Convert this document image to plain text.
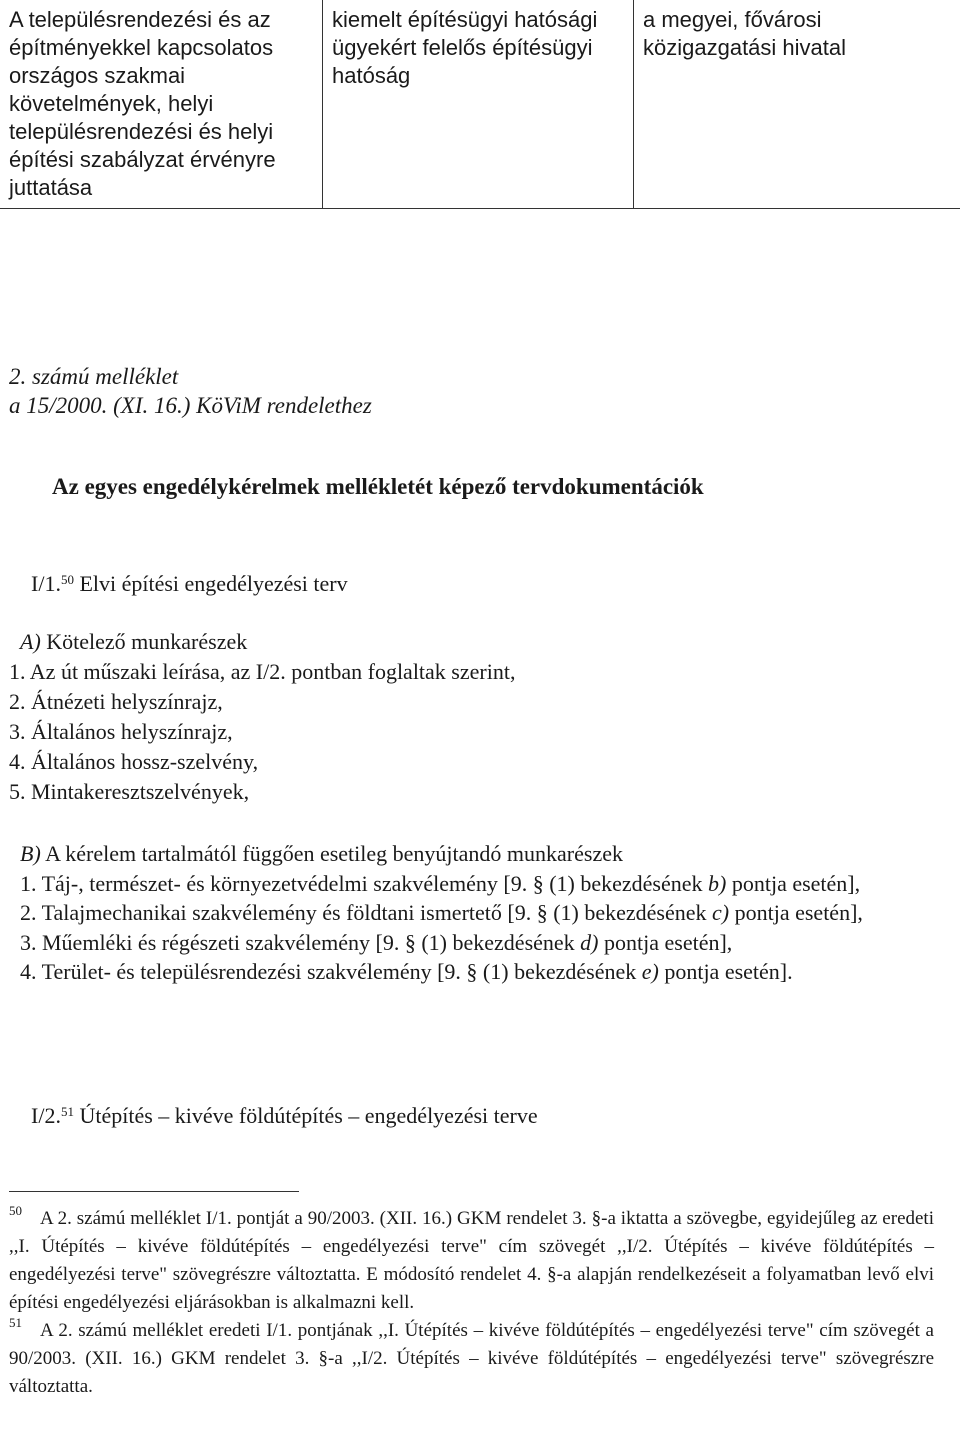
A településrendezési és az építményekkel kapcsolatos országos szakmai követelmények, helyi településrendezési és helyi építési szabályzat érvényre juttatása	kiemelt építésügyi hatósági ügyekért felelős építésügyi hatóság	a megyei, fővárosi közigazgatási hivatal
2. számú melléklet
a 15/2000. (XI. 16.) KöViM rendelethez
Az egyes engedélykérelmek mellékletét képező tervdokumentációk
I/1.50 Elvi építési engedélyezési terv
A) Kötelező munkarészek
1. Az út műszaki leírása, az I/2. pontban foglaltak szerint,
2. Átnézeti helyszínrajz,
3. Általános helyszínrajz,
4. Általános hossz-szelvény,
5. Mintakeresztszelvények,

B) A kérelem tartalmától függően esetileg benyújtandó munkarészek

1. Táj-, természet- és környezetvédelmi szakvélemény [9. § (1) bekezdésének b) pontja esetén],

2. Talajmechanikai szakvélemény és földtani ismertető [9. § (1) bekezdésének c) pontja esetén],

3. Műemléki és régészeti szakvélemény [9. § (1) bekezdésének d) pontja esetén],

4. Terület- és településrendezési szakvélemény [9. § (1) bekezdésének e) pontja esetén].

I/2.51 Útépítés – kivéve földútépítés – engedélyezési terve

$^{50}$ A 2. számú melléklet I/1. pontját a 90/2003. (XII. 16.) GKM rendelet 3. §-a iktatta a szövegbe, egyidejűleg az eredeti ,,I. Útépítés – kivéve földútépítés – engedélyezési terve" cím szövegét ,,I/2. Útépítés – kivéve földútépítés – engedélyezési terve" szövegrészre változtatta. E módosító rendelet 4. §-a alapján rendelkezéseit a folyamatban levő elvi építési engedélyezési eljárásokban is alkalmazni kell.

$^{51}$ A 2. számú melléklet eredeti I/1. pontjának ,,I. Útépítés – kivéve földútépítés – engedélyezési terve" cím szövegét a 90/2003. (XII. 16.) GKM rendelet 3. §-a ,,I/2. Útépítés – kivéve földútépítés – engedélyezési terve" szövegrészre változtatta.
